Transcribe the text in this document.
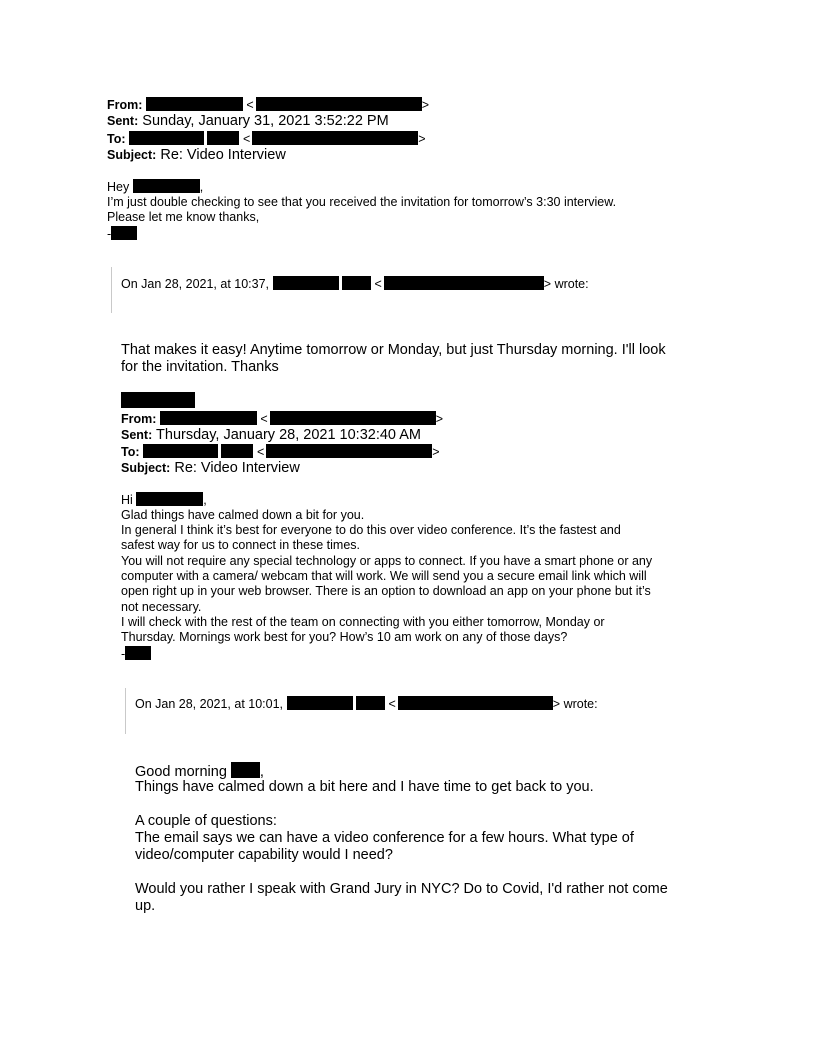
From:	<	>
Sent: Sunday, January 31, 2021 3:52:22 PM
To:	<	>
Subject: Re: Video Interview
Hey	,
I’m just double checking to see that you received the invitation for tomorrow’s 3:30 interview.
Please let me know thanks,
-
On Jan 28, 2021, at 10:37,	<	> wrote:
That makes it easy! Anytime tomorrow or Monday, but just Thursday morning. I'll look
for the invitation. Thanks
From:	<	>
Sent: Thursday, January 28, 2021 10:32:40 AM
To:	<	>
Subject: Re: Video Interview
Hi	,
Glad things have calmed down a bit for you.
In general I think it’s best for everyone to do this over video conference. It’s the fastest and
safest way for us to connect in these times.
You will not require any special technology or apps to connect. If you have a smart phone or any
computer with a camera/ webcam that will work. We will send you a secure email link which will
open right up in your web browser. There is an option to download an app on your phone but it’s
not necessary.
I will check with the rest of the team on connecting with you either tomorrow, Monday or
Thursday. Mornings work best for you? How’s 10 am work on any of those days?
-
On Jan 28, 2021, at 10:01,	<	> wrote:
Good morning ,
Things have calmed down a bit here and I have time to get back to you.
A couple of questions:
The email says we can have a video conference for a few hours. What type of
video/computer capability would I need?
Would you rather I speak with Grand Jury in NYC? Do to Covid, I'd rather not come
up.
